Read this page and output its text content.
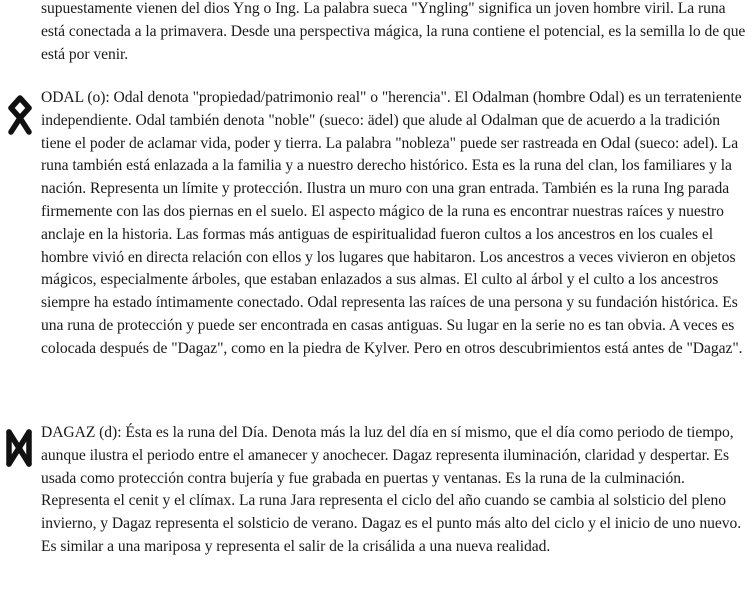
supuestamente vienen del dios Yng o Ing. La palabra sueca "Yngling" significa un joven hombre viril. La runa está conectada a la primavera. Desde una perspectiva mágica, la runa contiene el potencial, es la semilla lo de que está por venir.

ODAL (o): Odal denota "propiedad/patrimonio real" o "herencia". El Odalman (hombre Odal) es un terrateniente independiente. Odal también denota "noble" (sueco: ädel) que alude al Odalman que de acuerdo a la tradición tiene el poder de aclamar vida, poder y tierra. La palabra "nobleza" puede ser rastreada en Odal (sueco: adel). La runa también está enlazada a la familia y a nuestro derecho histórico. Esta es la runa del clan, los familiares y la nación. Representa un límite y protección. Ilustra un muro con una gran entrada. También es la runa Ing parada firmemente con las dos piernas en el suelo. El aspecto mágico de la runa es encontrar nuestras raíces y nuestro anclaje en la historia. Las formas más antiguas de espiritualidad fueron cultos a los ancestros en los cuales el hombre vivió en directa relación con ellos y los lugares que habitaron. Los ancestros a veces vivieron en objetos mágicos, especialmente árboles, que estaban enlazados a sus almas. El culto al árbol y el culto a los ancestros siempre ha estado íntimamente conectado. Odal representa las raíces de una persona y su fundación histórica. Es una runa de protección y puede ser encontrada en casas antiguas. Su lugar en la serie no es tan obvia. A veces es colocada después de "Dagaz", como en la piedra de Kylver. Pero en otros descubrimientos está antes de "Dagaz".

DAGAZ (d): Ésta es la runa del Día. Denota más la luz del día en sí mismo, que el día como periodo de tiempo, aunque ilustra el periodo entre el amanecer y anochecer. Dagaz representa iluminación, claridad y despertar. Es usada como protección contra bujería y fue grabada en puertas y ventanas. Es la runa de la culminación. Representa el cenit y el clímax. La runa Jara representa el ciclo del año cuando se cambia al solsticio del pleno invierno, y Dagaz representa el solsticio de verano. Dagaz es el punto más alto del ciclo y el inicio de uno nuevo. Es similar a una mariposa y representa el salir de la crisálida a una nueva realidad.
